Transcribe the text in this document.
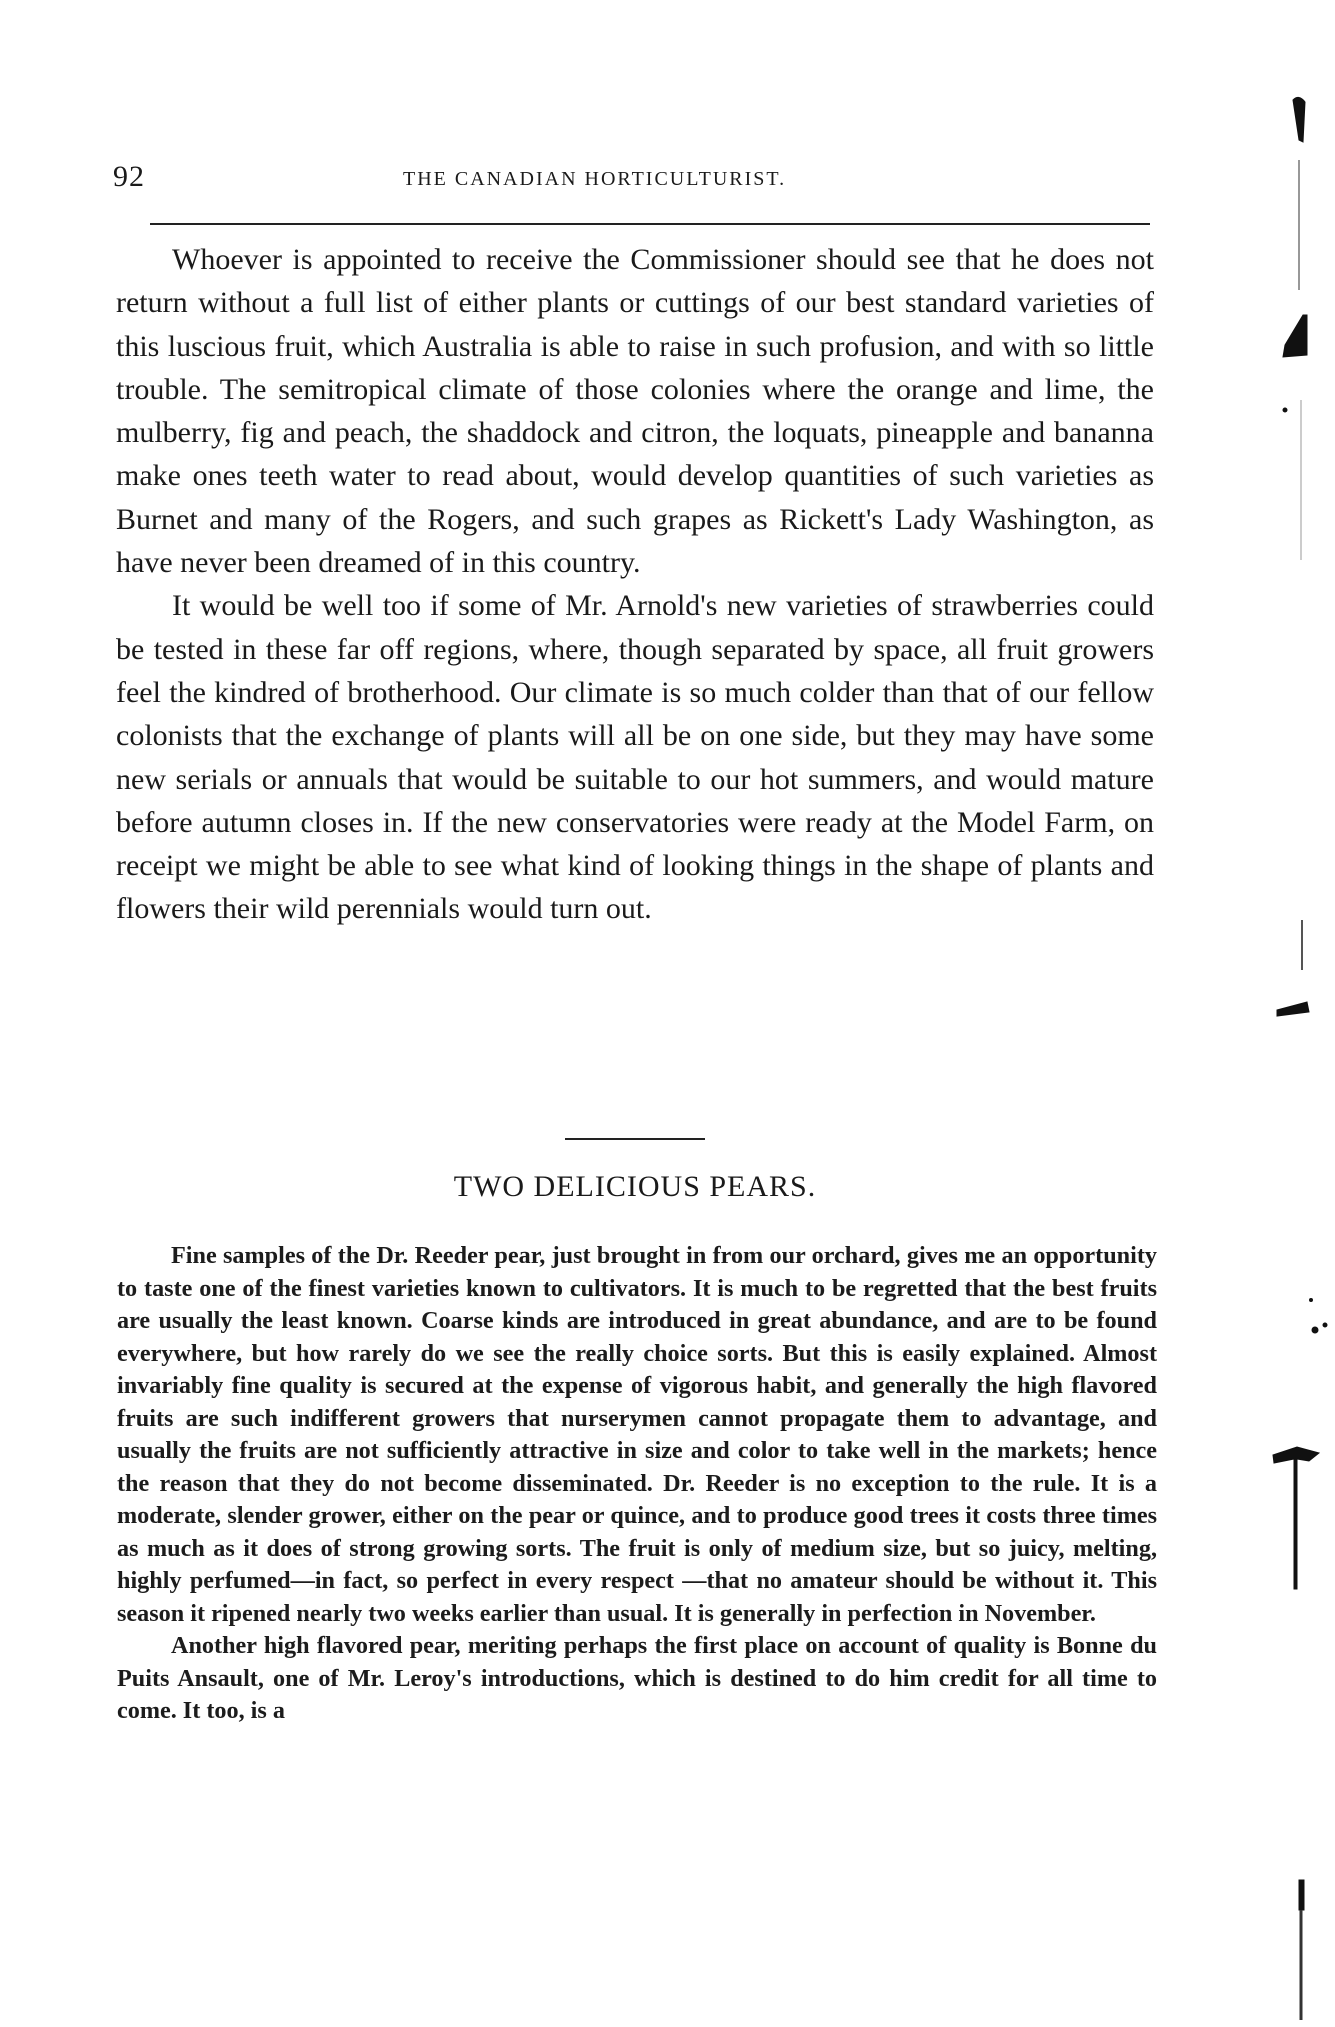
92	THE CANADIAN HORTICULTURIST.

Whoever is appointed to receive the Commissioner should see that he does not return without a full list of either plants or cuttings of our best standard varieties of this luscious fruit, which Australia is able to raise in such profusion, and with so little trouble. The semitropical climate of those colonies where the orange and lime, the mulberry, fig and peach, the shaddock and citron, the loquats, pineapple and bananna make ones teeth water to read about, would develop quantities of such varieties as Burnet and many of the Rogers, and such grapes as Rickett's Lady Washington, as have never been dreamed of in this country.

It would be well too if some of Mr. Arnold's new varieties of strawberries could be tested in these far off regions, where, though separated by space, all fruit growers feel the kindred of brotherhood. Our climate is so much colder than that of our fellow colonists that the exchange of plants will all be on one side, but they may have some new serials or annuals that would be suitable to our hot summers, and would mature before autumn closes in. If the new conservatories were ready at the Model Farm, on receipt we might be able to see what kind of looking things in the shape of plants and flowers their wild perennials would turn out.

TWO DELICIOUS PEARS.

Fine samples of the Dr. Reeder pear, just brought in from our orchard, gives me an opportunity to taste one of the finest varieties known to cultivators. It is much to be regretted that the best fruits are usually the least known. Coarse kinds are introduced in great abundance, and are to be found everywhere, but how rarely do we see the really choice sorts. But this is easily explained. Almost invariably fine quality is secured at the expense of vigorous habit, and generally the high flavored fruits are such indifferent growers that nurserymen cannot propagate them to advantage, and usually the fruits are not sufficiently attractive in size and color to take well in the markets; hence the reason that they do not become disseminated. Dr. Reeder is no exception to the rule. It is a moderate, slender grower, either on the pear or quince, and to produce good trees it costs three times as much as it does of strong growing sorts. The fruit is only of medium size, but so juicy, melting, highly perfumed—in fact, so perfect in every respect —that no amateur should be without it. This season it ripened nearly two weeks earlier than usual. It is generally in perfection in November.

Another high flavored pear, meriting perhaps the first place on account of quality is Bonne du Puits Ansault, one of Mr. Leroy's introductions, which is destined to do him credit for all time to come. It too, is a
